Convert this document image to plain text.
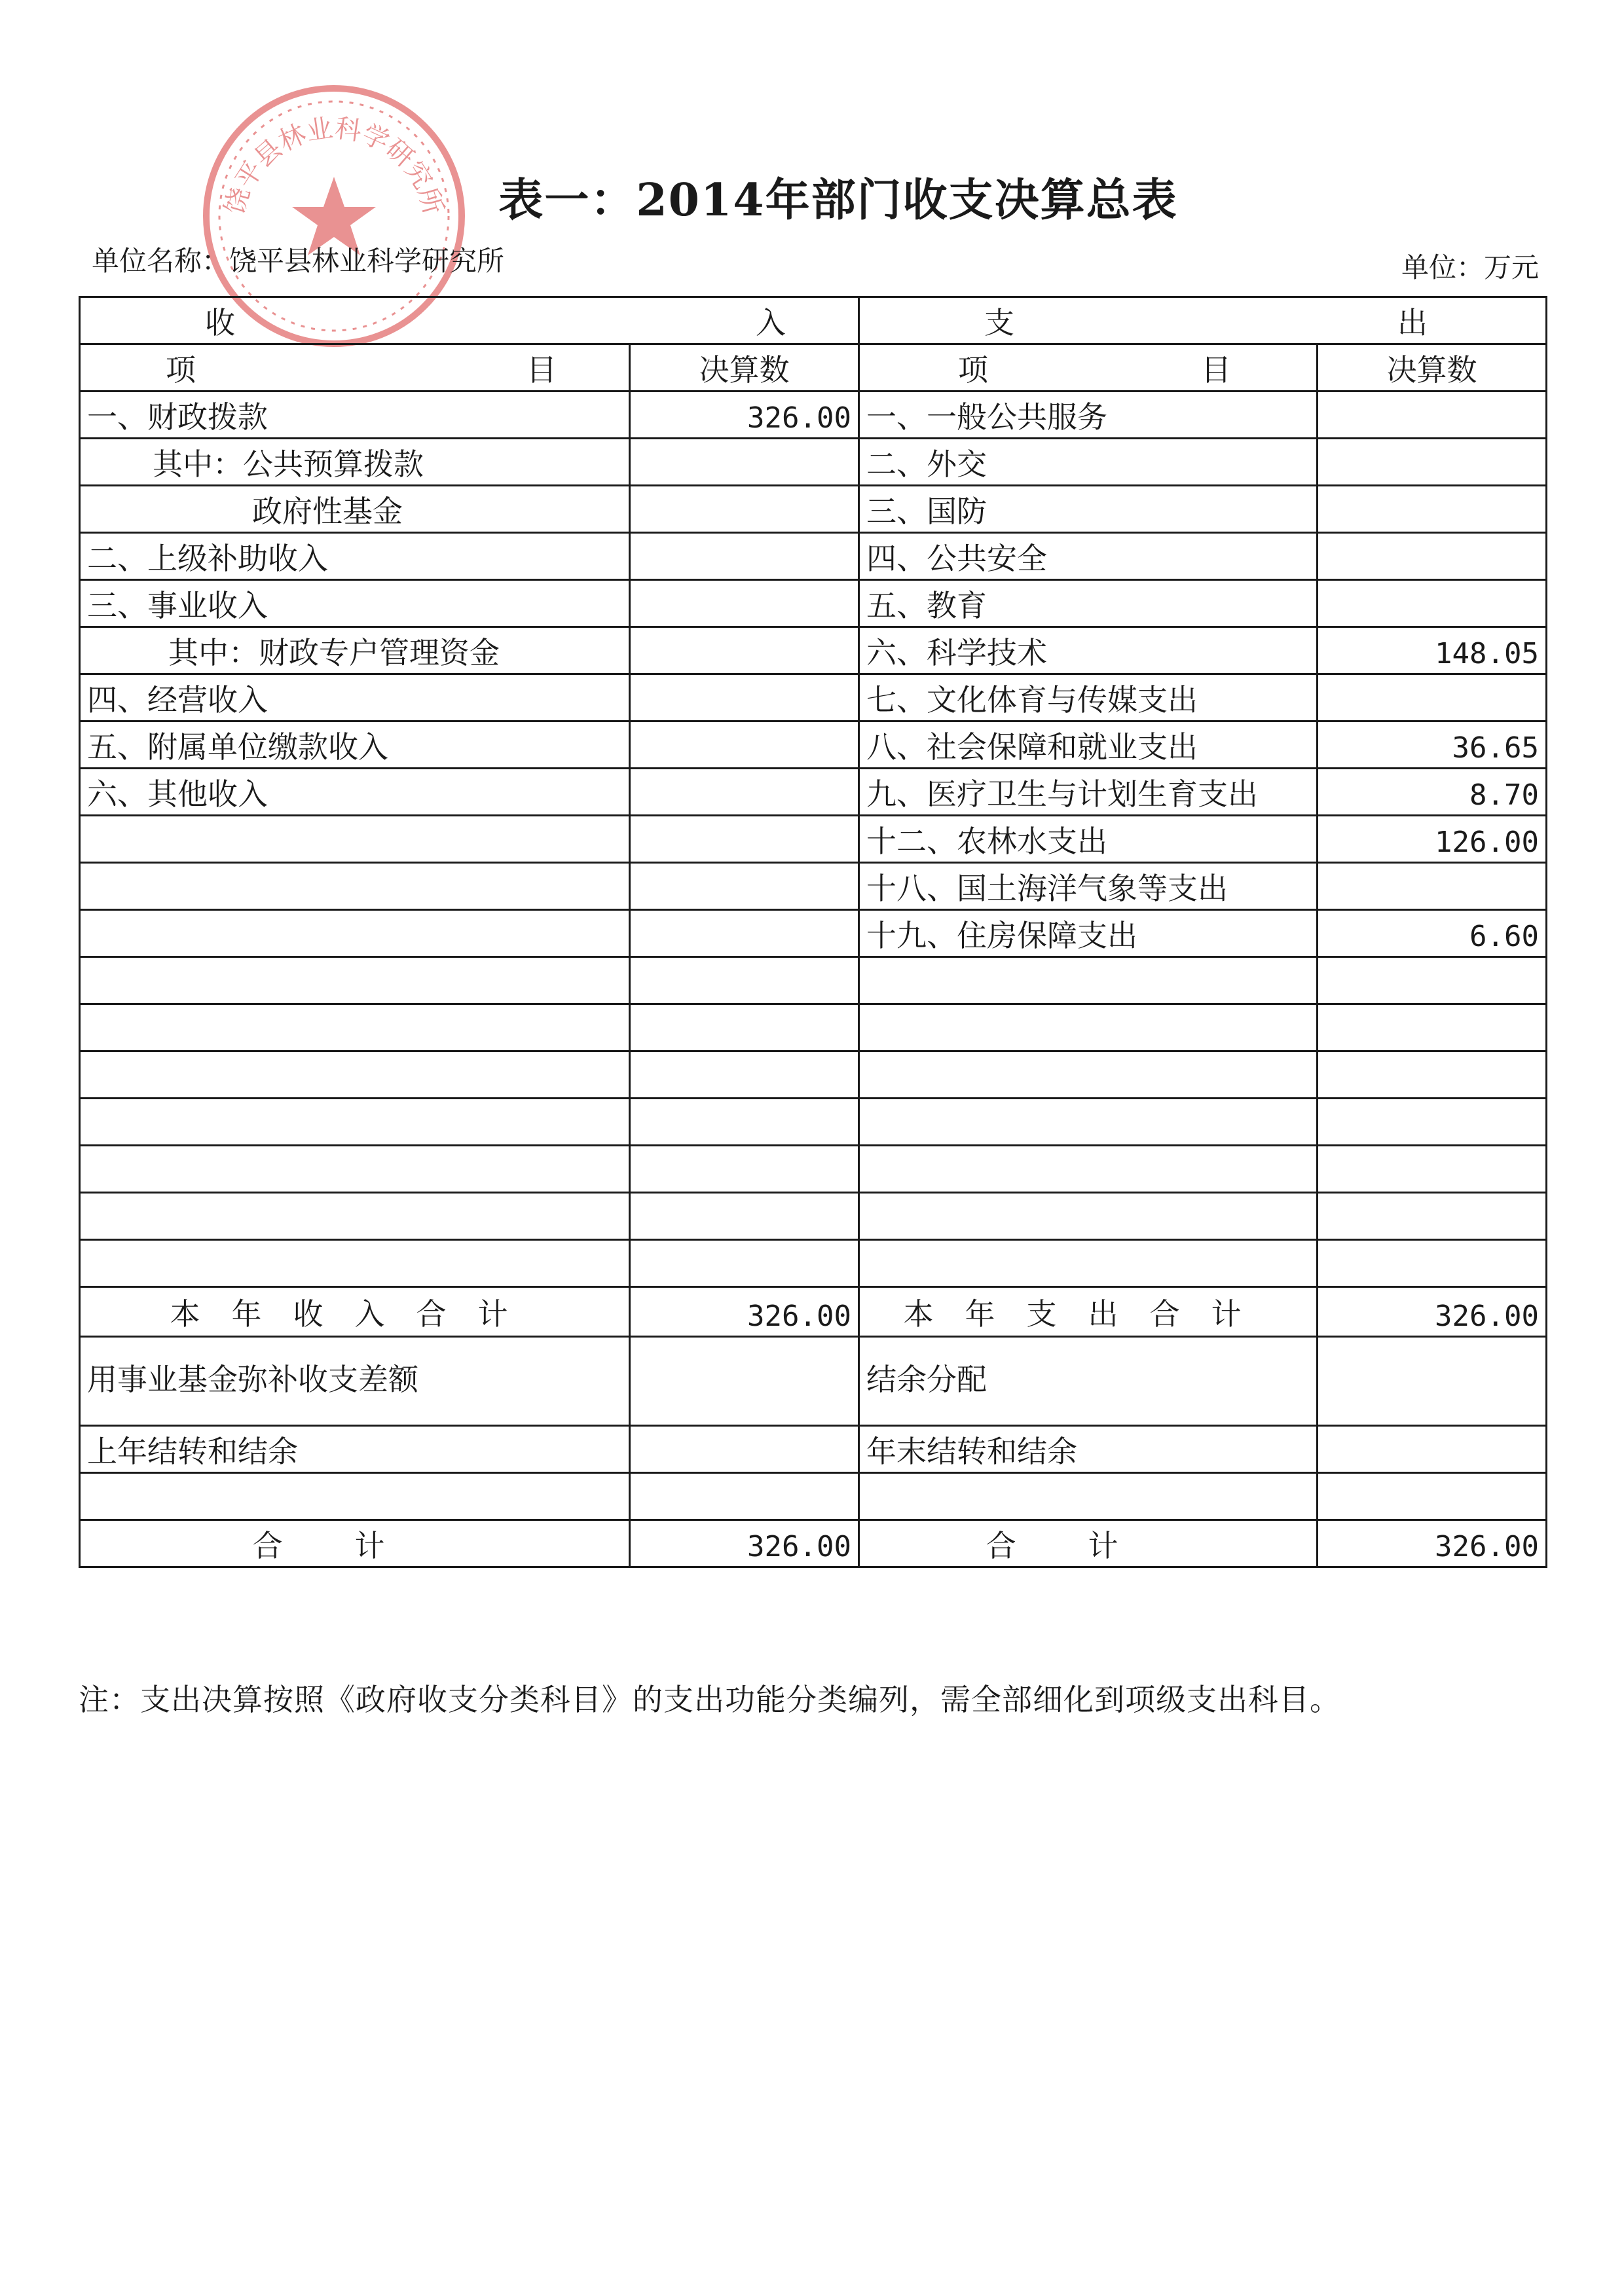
饶平县林业科学研究所	表一：2014年部门收支决算总表
单位名称：饶平县林业科学研究所	单位：万元
收 入		支 出	

项 目	决算数	项 目	决算数
一、财政拨款	326.00	一、一般公共服务	
其中：公共预算拨款		二、外交	
政府性基金		三、国防	
二、上级补助收入		四、公共安全	
三、事业收入		五、教育	
其中：财政专户管理资金		六、科学技术	148.05
四、经营收入		七、文化体育与传媒支出	
五、附属单位缴款收入		八、社会保障和就业支出	36.65
六、其他收入		九、医疗卫生与计划生育支出	8.70
		十二、农林水支出	126.00
		十八、国土海洋气象等支出	
		十九、住房保障支出	6.60

本年收入合计	326.00	本年支出合计	326.00
用事业基金弥补收支差额		结余分配	
上年结转和结余		年末结转和结余	

合计	326.00	合计	326.00
注：支出决算按照《政府收支分类科目》的支出功能分类编列，需全部细化到项级支出科目。
